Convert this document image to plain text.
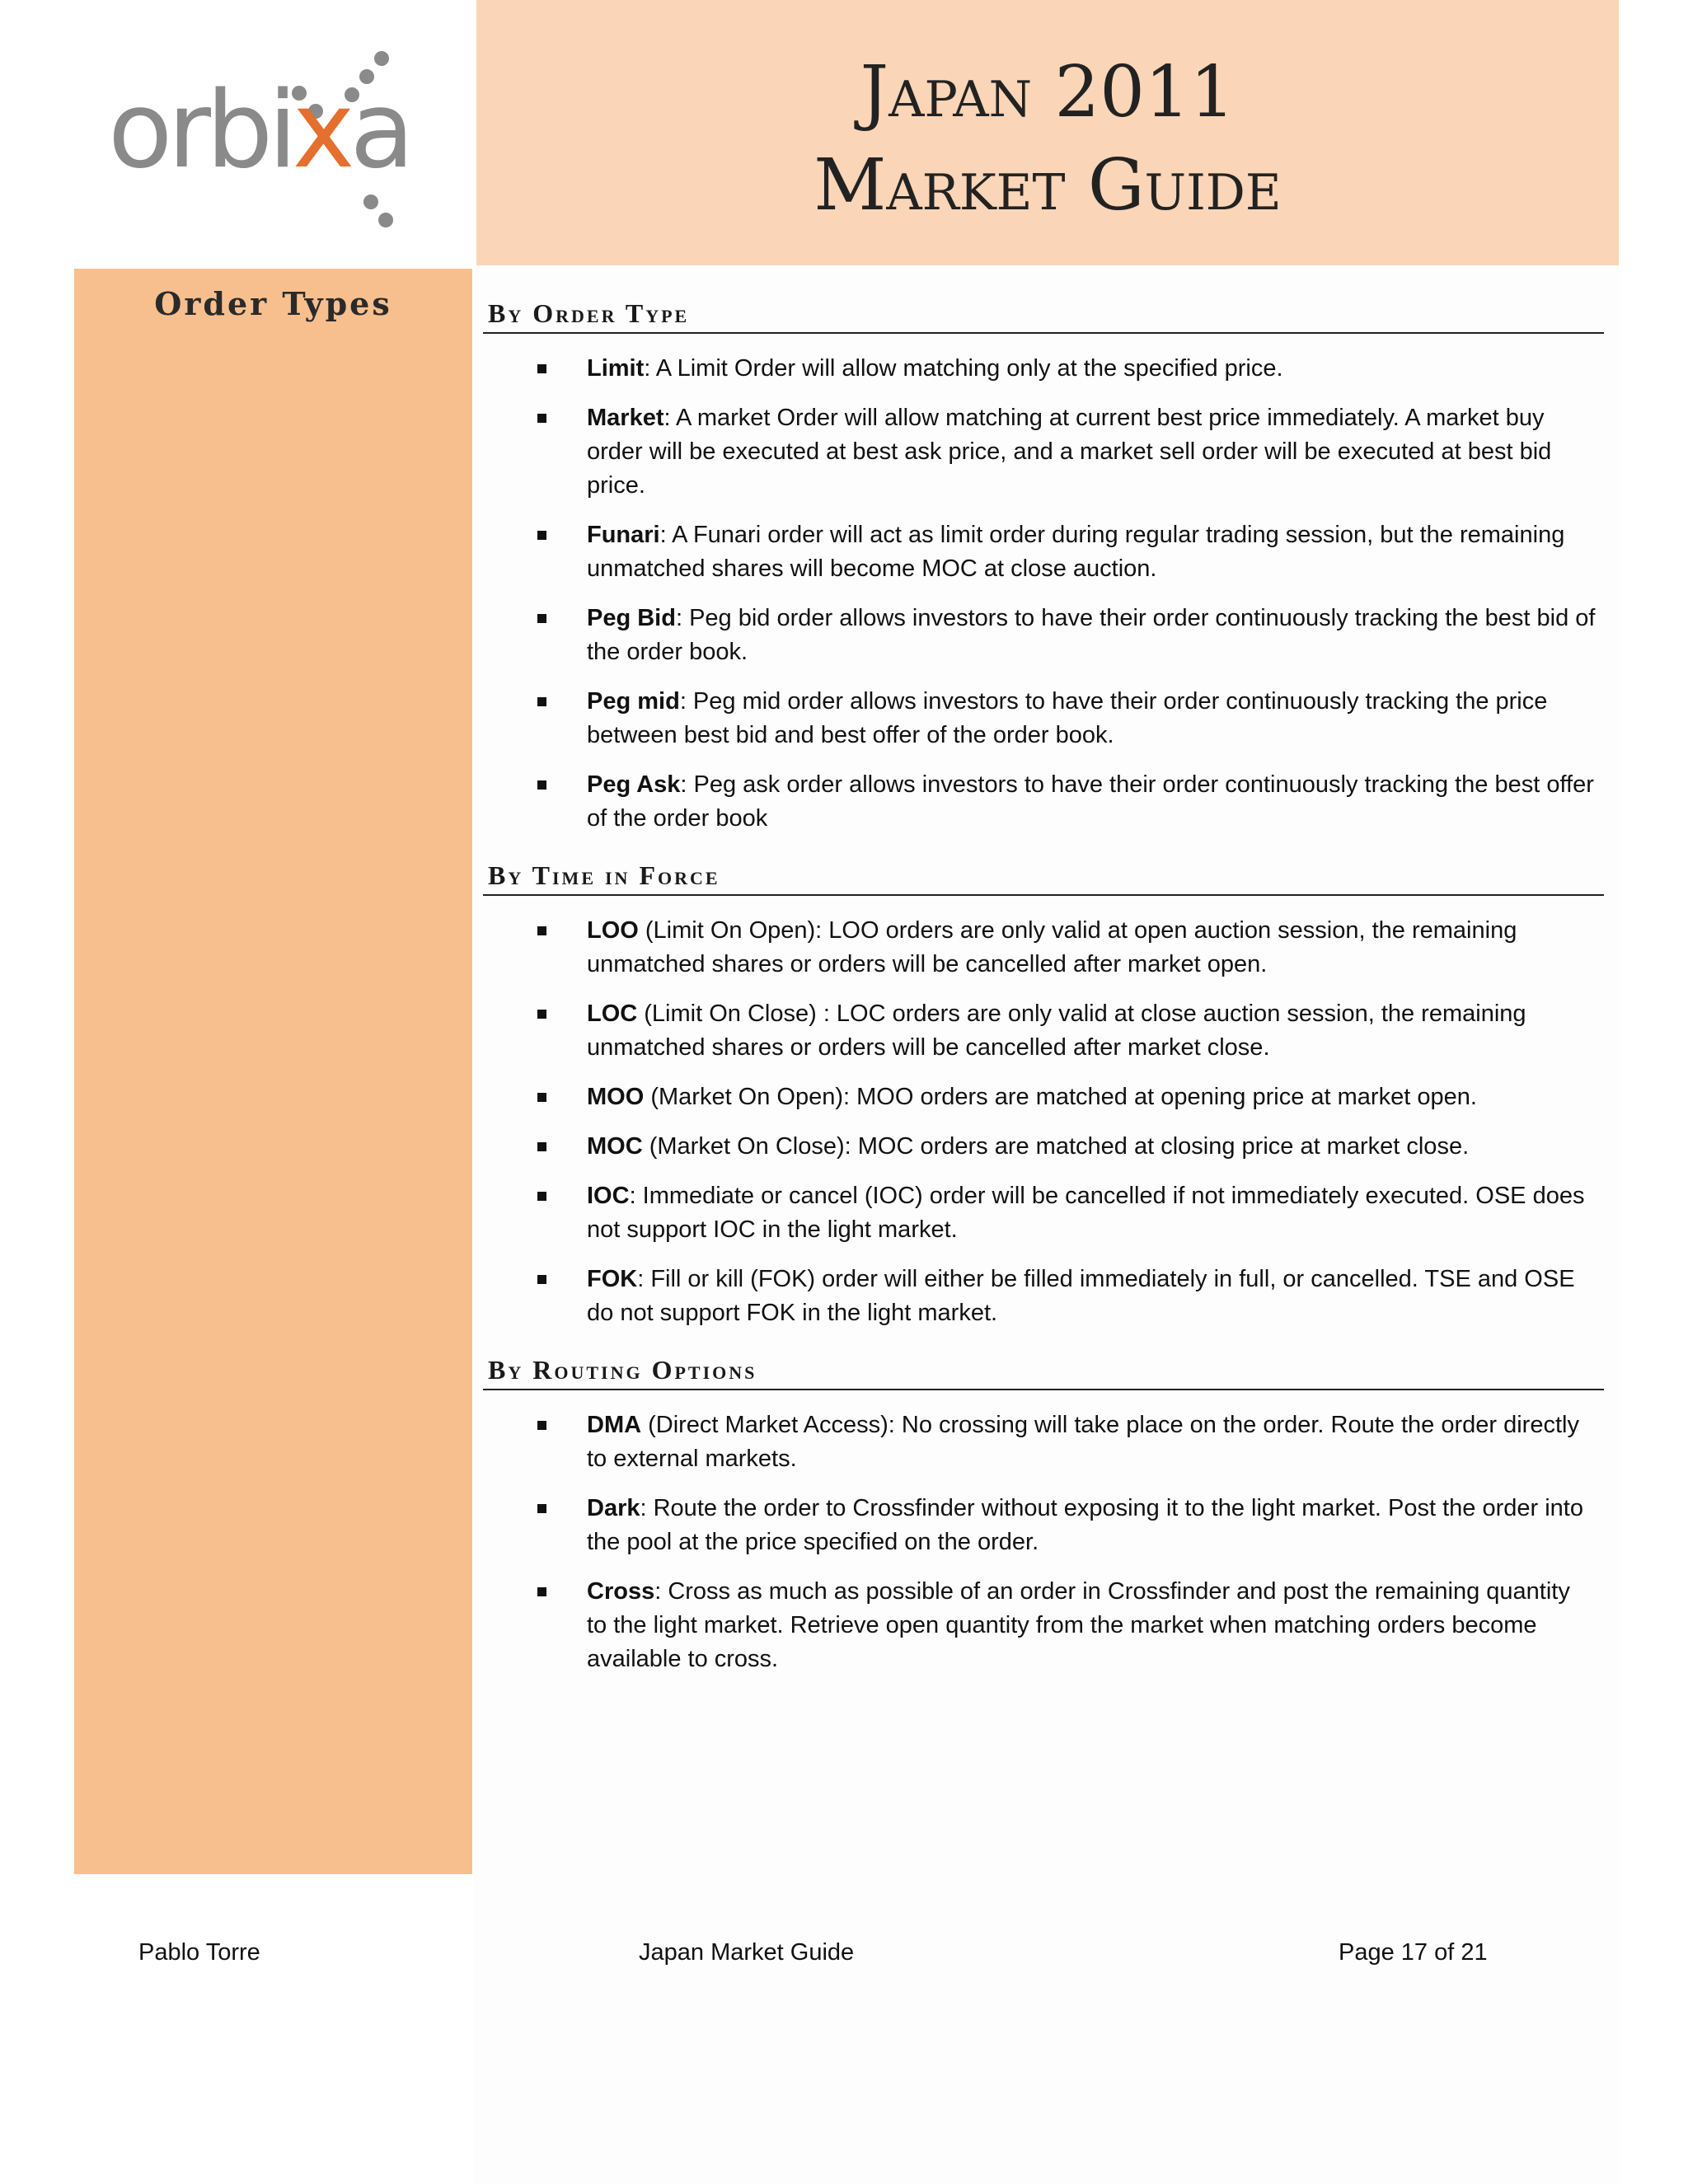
orbixa	Japan 2011
Market Guide
Order Types	By Order Type
Limit: A Limit Order will allow matching only at the specified price.
Market: A market Order will allow matching at current best price immediately. A market buy order will be executed at best ask price, and a market sell order will be executed at best bid price.
Funari: A Funari order will act as limit order during regular trading session, but the remaining unmatched shares will become MOC at close auction.
Peg Bid: Peg bid order allows investors to have their order continuously tracking the best bid of the order book.
Peg mid: Peg mid order allows investors to have their order continuously tracking the price between best bid and best offer of the order book.
Peg Ask: Peg ask order allows investors to have their order continuously tracking the best offer of the order book
By Time in Force
LOO (Limit On Open): LOO orders are only valid at open auction session, the remaining unmatched shares or orders will be cancelled after market open.
LOC (Limit On Close) : LOC orders are only valid at close auction session, the remaining unmatched shares or orders will be cancelled after market close.
MOO (Market On Open): MOO orders are matched at opening price at market open.
MOC (Market On Close): MOC orders are matched at closing price at market close.
IOC: Immediate or cancel (IOC) order will be cancelled if not immediately executed. OSE does not support IOC in the light market.
FOK: Fill or kill (FOK) order will either be filled immediately in full, or cancelled. TSE and OSE do not support FOK in the light market.
By Routing Options
DMA (Direct Market Access): No crossing will take place on the order. Route the order directly to external markets.
Dark: Route the order to Crossfinder without exposing it to the light market. Post the order into the pool at the price specified on the order.
Cross: Cross as much as possible of an order in Crossfinder and post the remaining quantity to the light market. Retrieve open quantity from the market when matching orders become available to cross.
Pablo Torre	Japan Market Guide	Page 17 of 21
